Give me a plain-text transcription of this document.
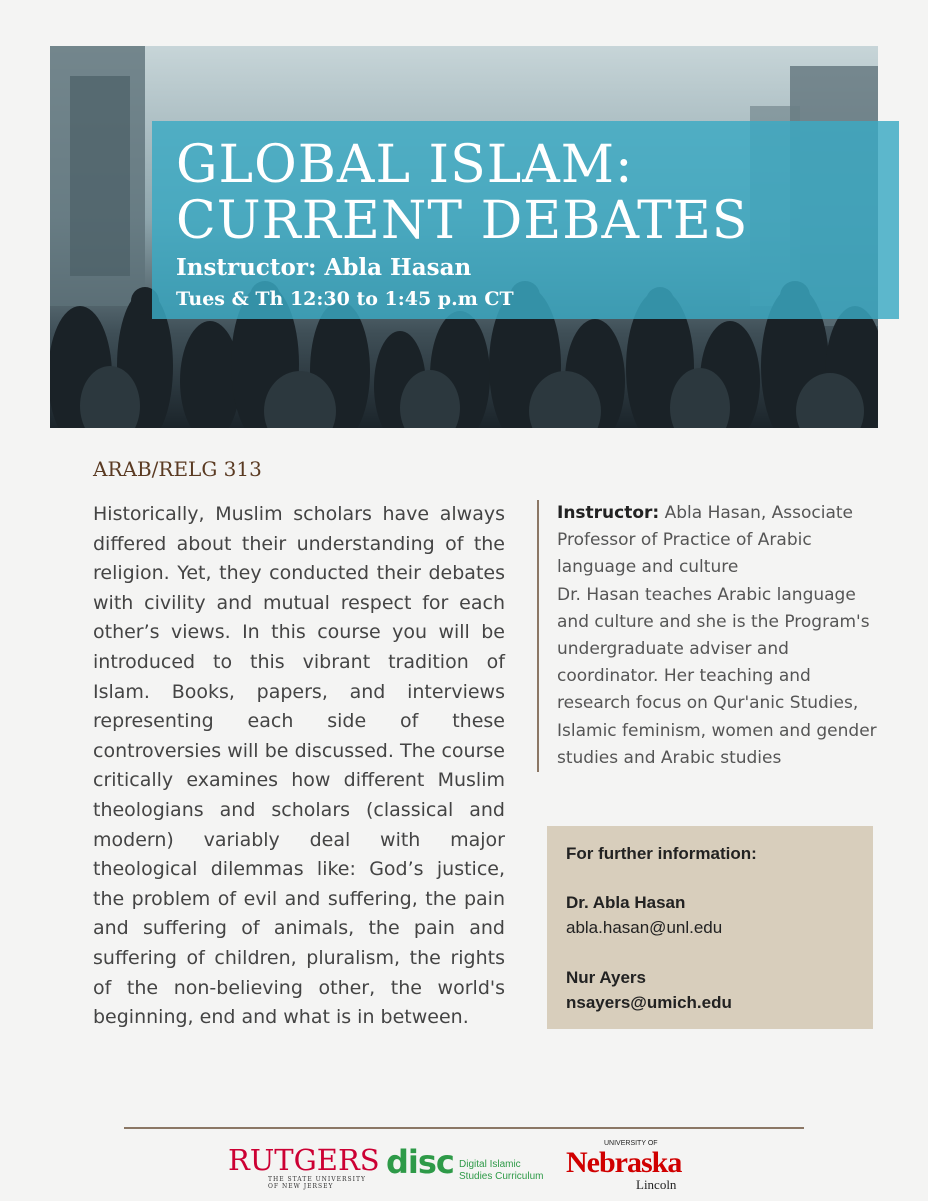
GLOBAL ISLAM:
CURRENT DEBATES
Instructor: Abla Hasan
Tues & Th 12:30 to 1:45 p.m CT
ARAB/RELG 313

Historically, Muslim scholars have always differed about their understanding of the religion. Yet, they conducted their debates with civility and mutual respect for each other’s views. In this course you will be introduced to this vibrant tradition of Islam. Books, papers, and interviews representing each side of these controversies will be discussed. The course critically examines how different Muslim theologians and scholars (classical and modern) variably deal with major theological dilemmas like: God’s justice, the problem of evil and suffering, the pain and suffering of animals, the pain and suffering of children, pluralism, the rights of the non-believing other, the world's beginning, end and what is in between.

Instructor: Abla Hasan, Associate Professor of Practice of Arabic language and culture
Dr. Hasan teaches Arabic language and culture and she is the Program's undergraduate adviser and coordinator. Her teaching and research focus on Qur'anic Studies, Islamic feminism, women and gender studies and Arabic studies

For further information:
Dr. Abla Hasan
abla.hasan@unl.edu
Nur Ayers
nsayers@umich.edu
RUTGERS
THE STATE UNIVERSITY
OF NEW JERSEY
disc Digital Islamic
Studies Curriculum
UNIVERSITY OF
Nebraska
Lincoln
